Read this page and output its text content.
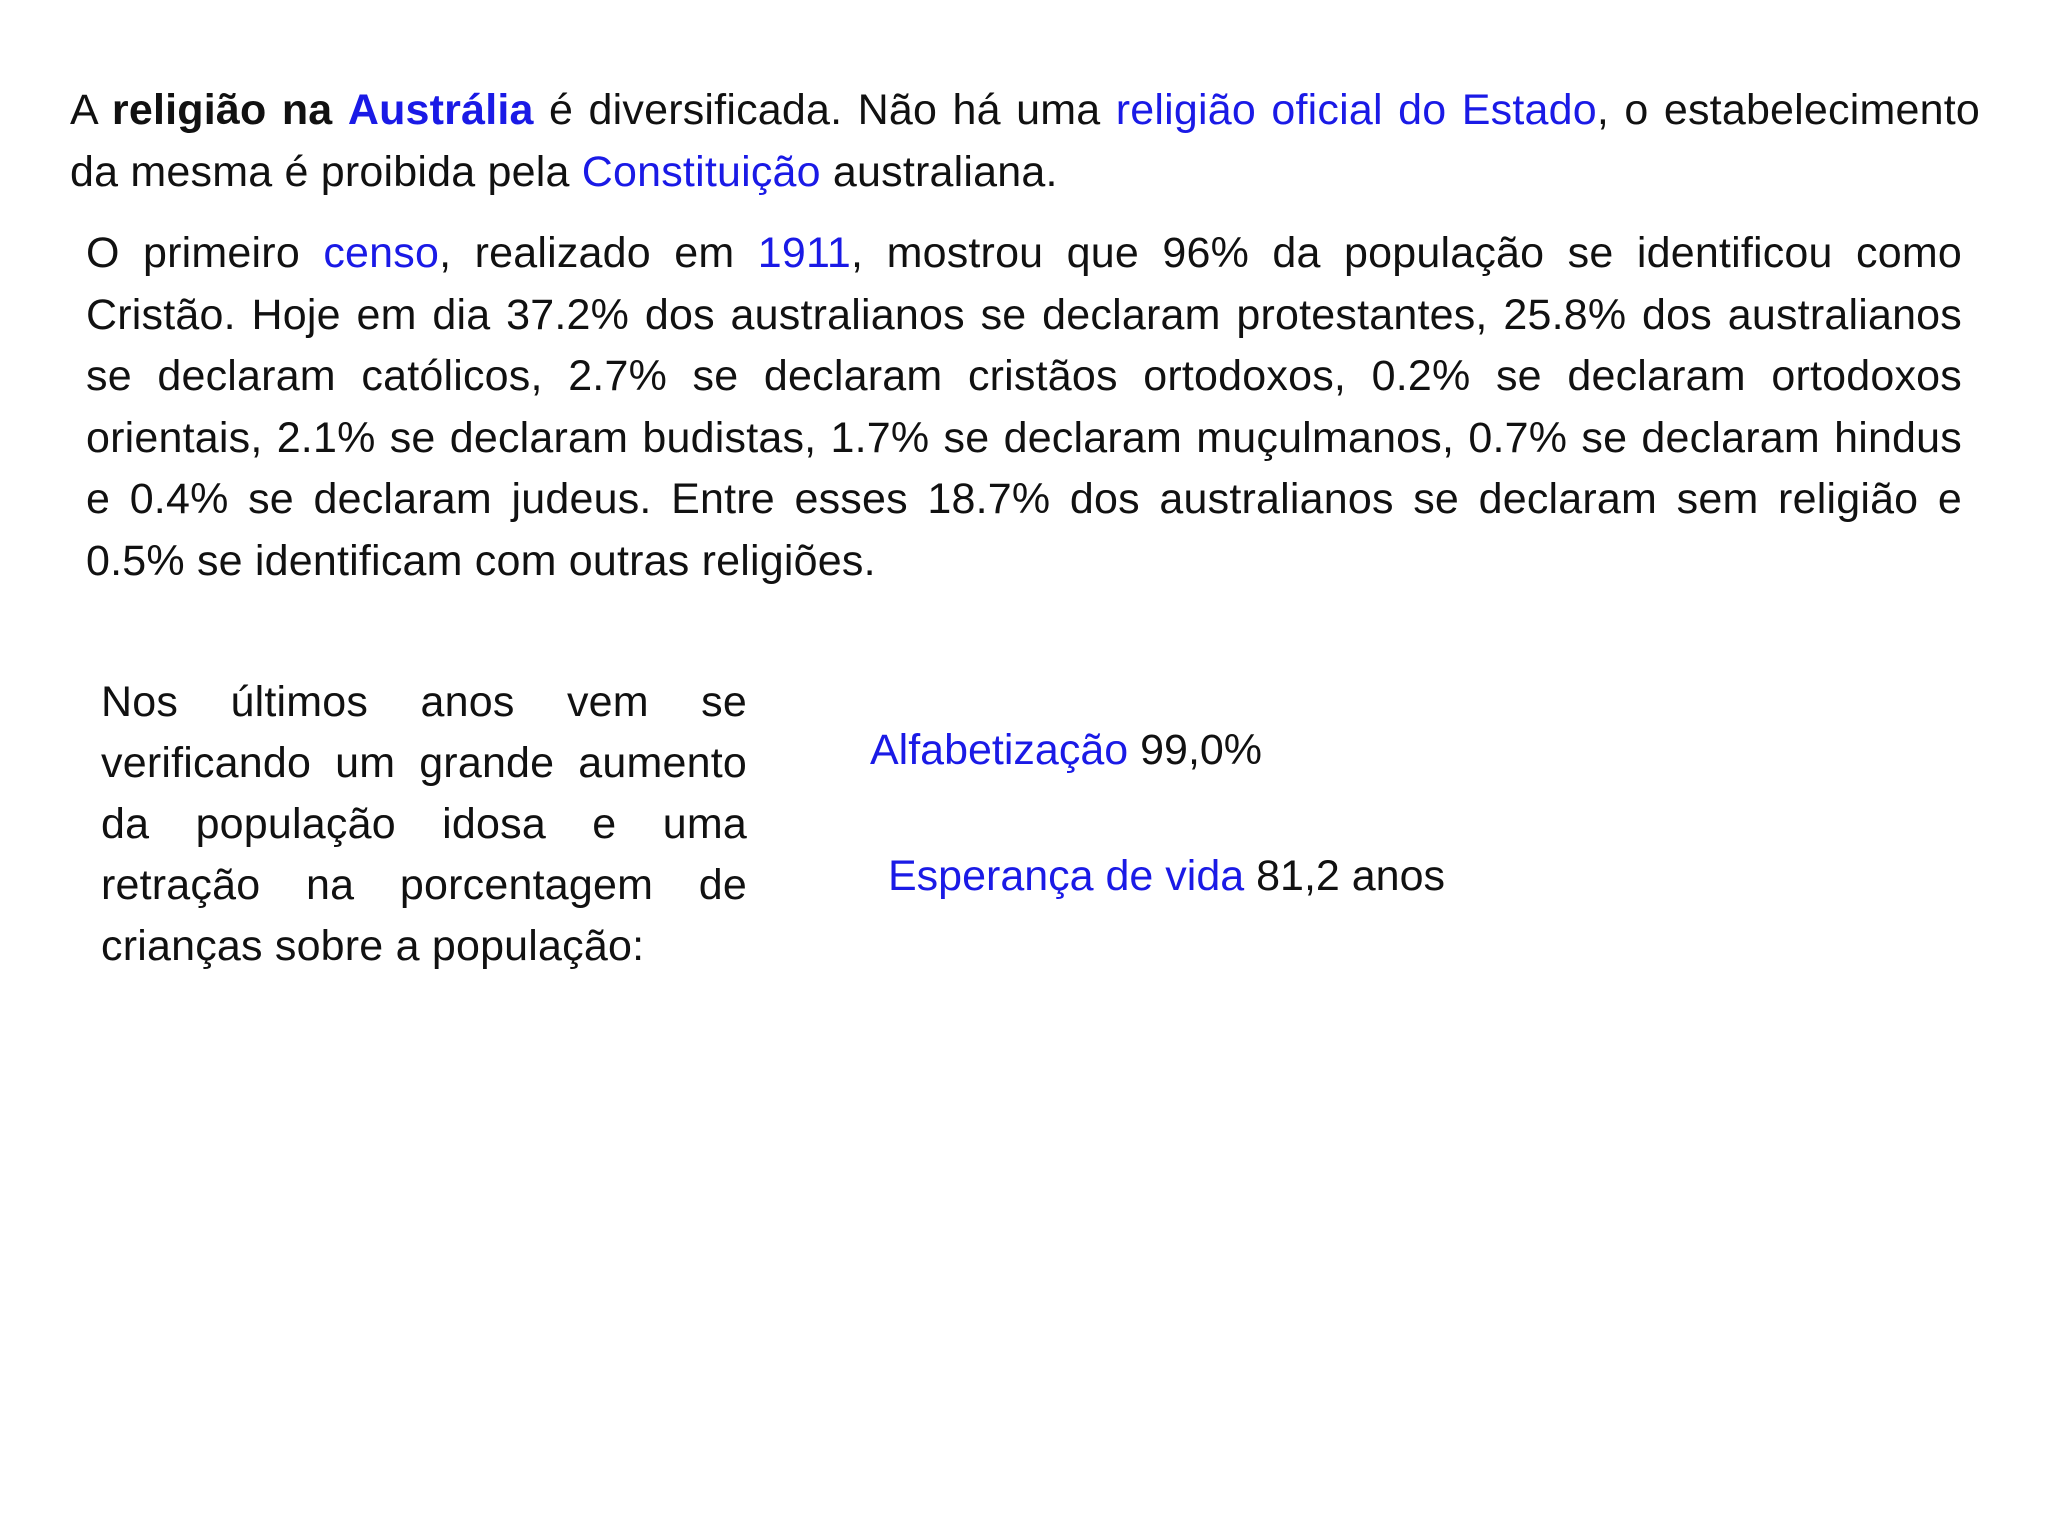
A religião na Austrália é diversificada. Não há uma religião oficial do Estado, o estabelecimento da mesma é proibida pela Constituição australiana.

O primeiro censo, realizado em 1911, mostrou que 96% da população se identificou como Cristão. Hoje em dia 37.2% dos australianos se declaram protestantes, 25.8% dos australianos se declaram católicos, 2.7% se declaram cristãos ortodoxos, 0.2% se declaram ortodoxos orientais, 2.1% se declaram budistas, 1.7% se declaram muçulmanos, 0.7% se declaram hindus e 0.4% se declaram judeus. Entre esses 18.7% dos australianos se declaram sem religião e 0.5% se identificam com outras religiões.

Nos últimos anos vem se verificando um grande aumento da população idosa e uma retração na porcentagem de crianças sobre a população:

Alfabetização 99,0%
Esperança de vida 81,2 anos
